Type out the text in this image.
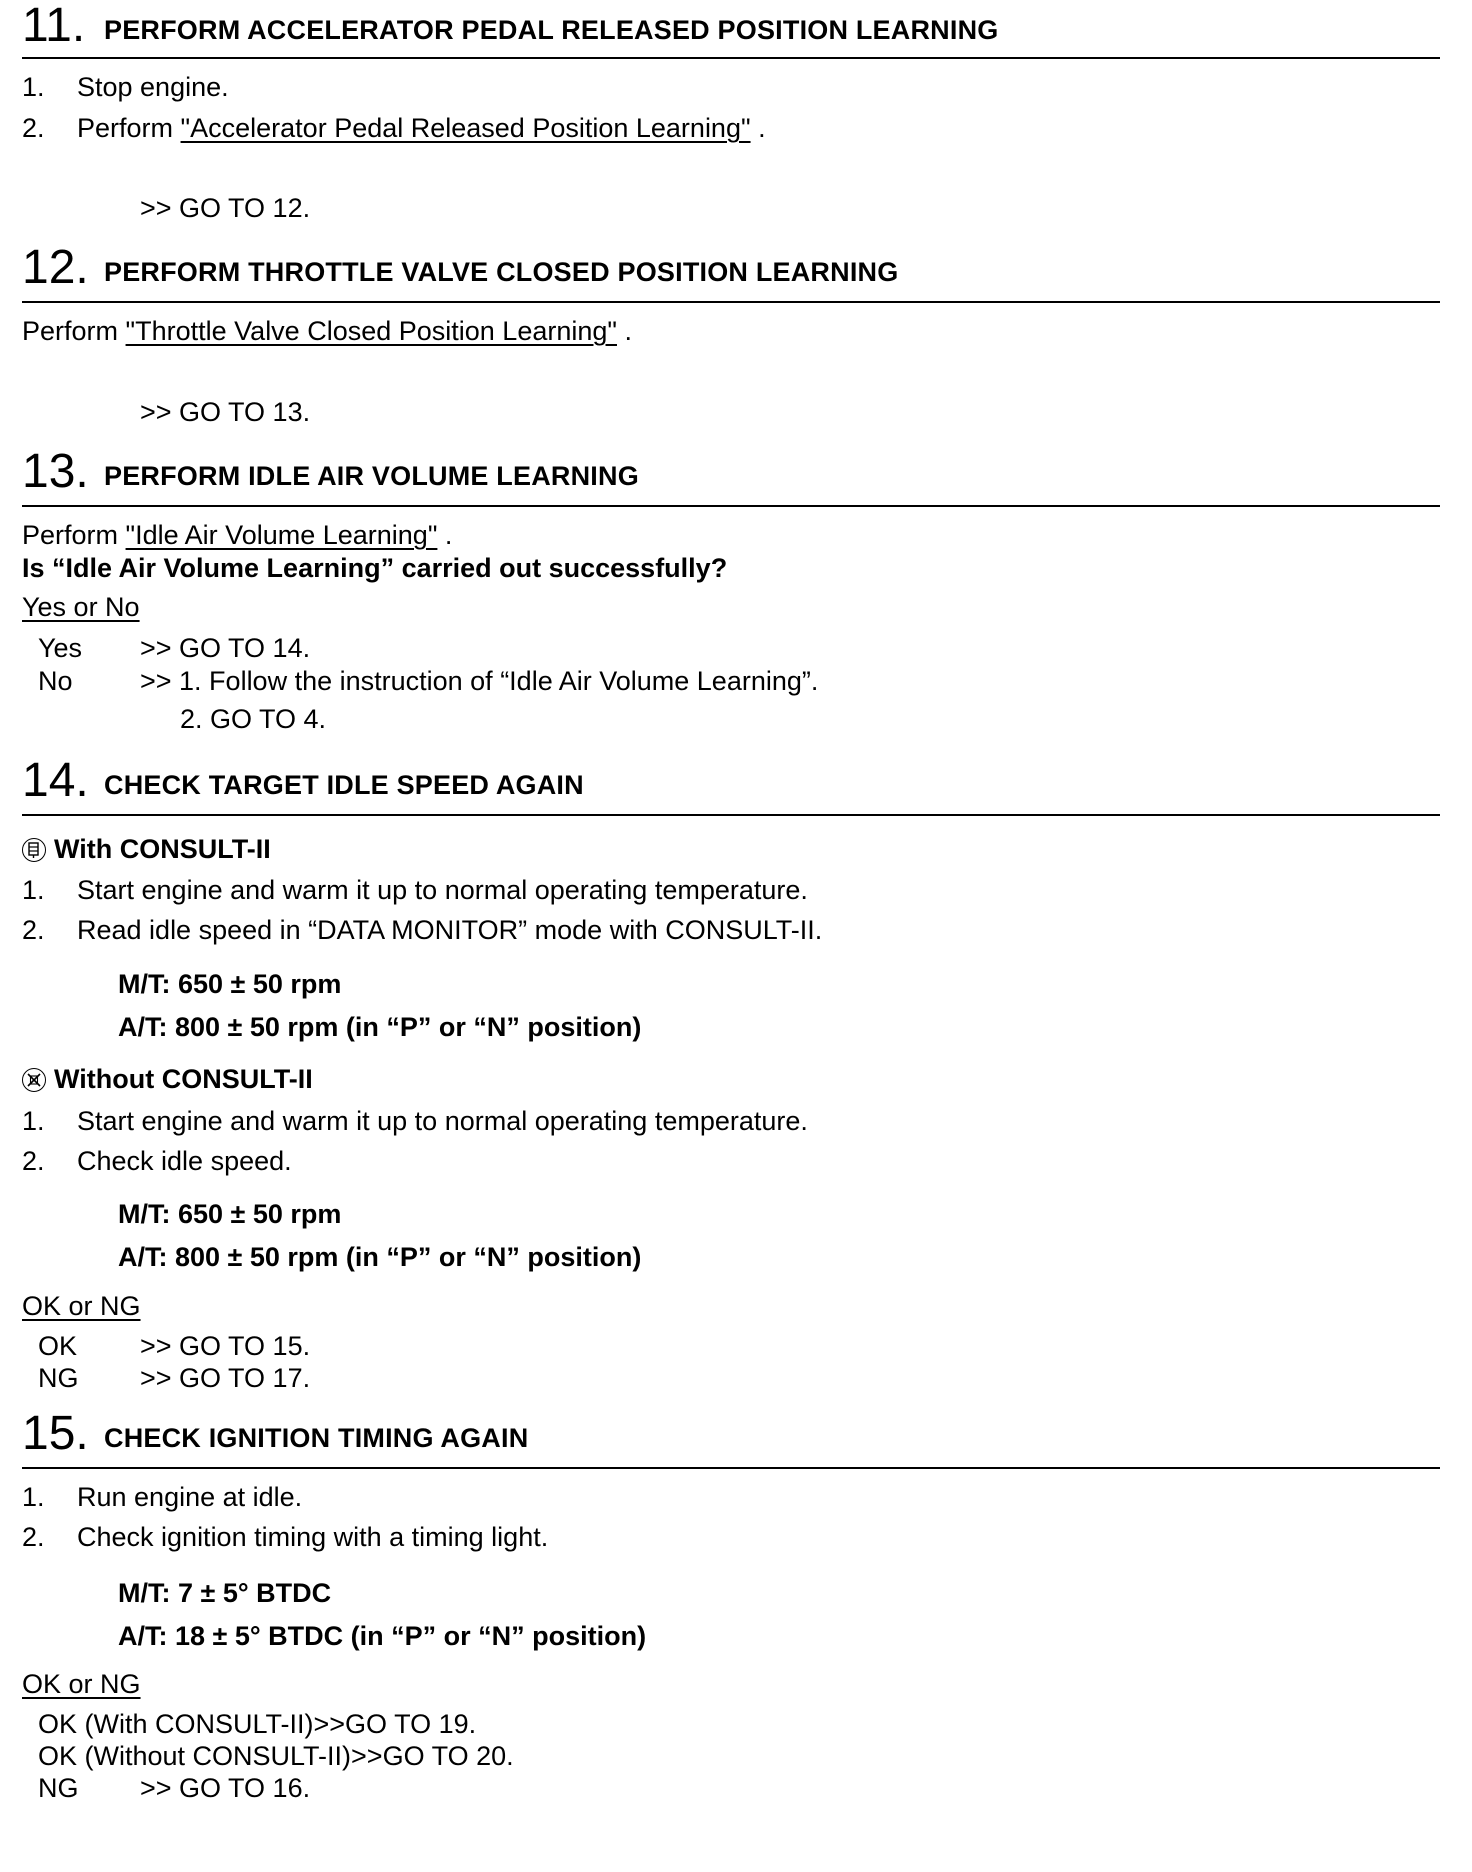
11. PERFORM ACCELERATOR PEDAL RELEASED POSITION LEARNING
1. Stop engine.
2. Perform "Accelerator Pedal Released Position Learning" .
>> GO TO 12.
12. PERFORM THROTTLE VALVE CLOSED POSITION LEARNING
Perform "Throttle Valve Closed Position Learning" .
>> GO TO 13.
13. PERFORM IDLE AIR VOLUME LEARNING
Perform "Idle Air Volume Learning" .
Is “Idle Air Volume Learning” carried out successfully?
Yes or No
Yes >> GO TO 14.
No >> 1. Follow the instruction of “Idle Air Volume Learning”.
2. GO TO 4.
14. CHECK TARGET IDLE SPEED AGAIN
With CONSULT-II
1. Start engine and warm it up to normal operating temperature.
2. Read idle speed in “DATA MONITOR” mode with CONSULT-II.
M/T: 650 ± 50 rpm
A/T: 800 ± 50 rpm (in “P” or “N” position)
Without CONSULT-II
1. Start engine and warm it up to normal operating temperature.
2. Check idle speed.
M/T: 650 ± 50 rpm
A/T: 800 ± 50 rpm (in “P” or “N” position)
OK or NG
OK >> GO TO 15.
NG >> GO TO 17.
15. CHECK IGNITION TIMING AGAIN
1. Run engine at idle.
2. Check ignition timing with a timing light.
M/T: 7 ± 5° BTDC
A/T: 18 ± 5° BTDC (in “P” or “N” position)
OK or NG
OK (With CONSULT-II)>>GO TO 19.
OK (Without CONSULT-II)>>GO TO 20.
NG >> GO TO 16.
